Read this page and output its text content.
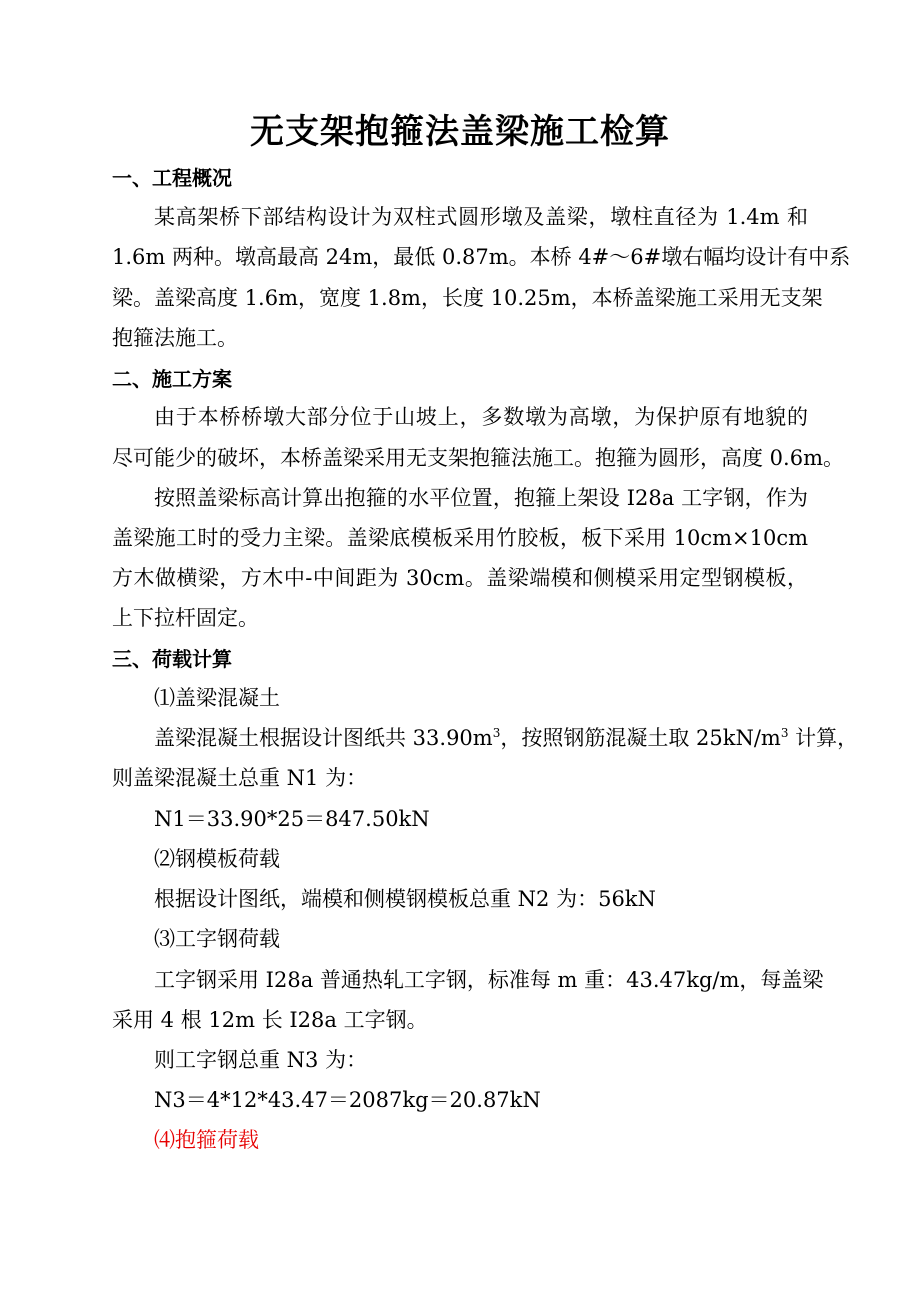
无支架抱箍法盖梁施工检算
一、工程概况
某高架桥下部结构设计为双柱式圆形墩及盖梁，墩柱直径为 1.4m 和
1.6m 两种。墩高最高 24m，最低 0.87m。本桥 4#～6#墩右幅均设计有中系
梁。盖梁高度 1.6m，宽度 1.8m，长度 10.25m，本桥盖梁施工采用无支架
抱箍法施工。
二、施工方案
由于本桥桥墩大部分位于山坡上，多数墩为高墩，为保护原有地貌的
尽可能少的破坏，本桥盖梁采用无支架抱箍法施工。抱箍为圆形，高度 0.6m。
按照盖梁标高计算出抱箍的水平位置，抱箍上架设 I28a 工字钢，作为
盖梁施工时的受力主梁。盖梁底模板采用竹胶板，板下采用 10cm×10cm
方木做横梁，方木中-中间距为 30cm。盖梁端模和侧模采用定型钢模板，
上下拉杆固定。
三、荷载计算
⑴盖梁混凝土
盖梁混凝土根据设计图纸共 $33.90m^3$，按照钢筋混凝土取 $25kN/m^3$ 计算，
则盖梁混凝土总重 N1 为：
N1＝33.90*25＝847.50kN
⑵钢模板荷载
根据设计图纸，端模和侧模钢模板总重 N2 为：56kN
⑶工字钢荷载
工字钢采用 I28a 普通热轧工字钢，标准每 m 重：43.47kg/m，每盖梁
采用 4 根 12m 长 I28a 工字钢。
则工字钢总重 N3 为：
N3＝4*12*43.47＝2087kg＝20.87kN
⑷抱箍荷载
